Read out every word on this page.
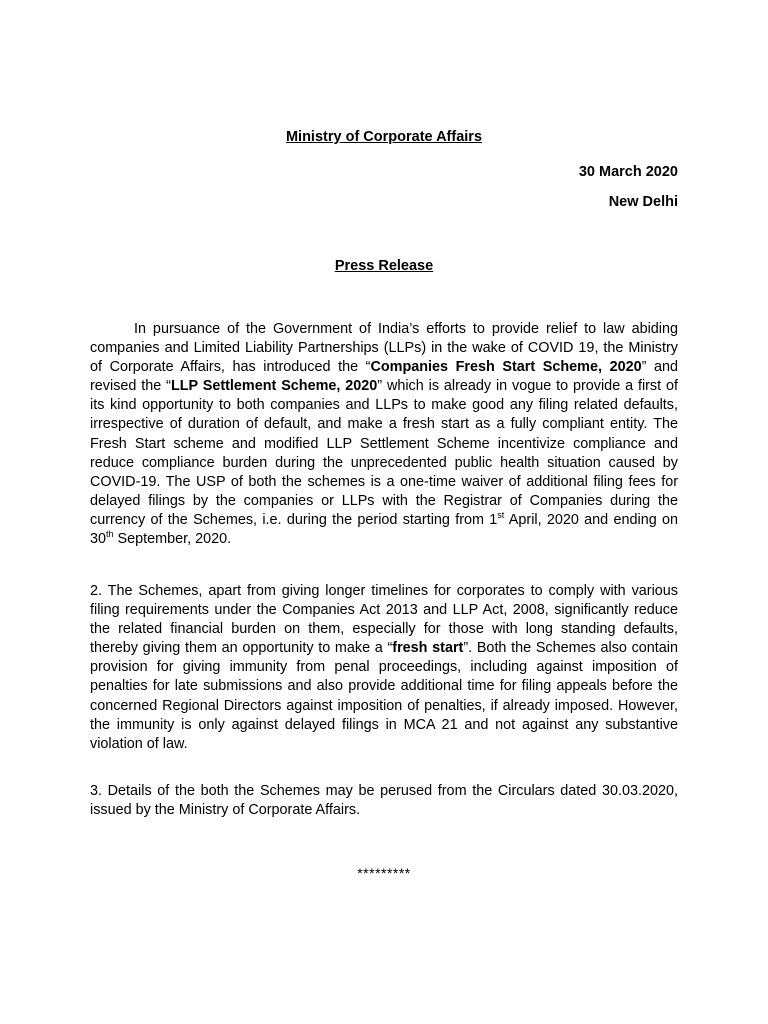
Ministry of Corporate Affairs
30 March 2020
New Delhi
Press Release

In pursuance of the Government of India’s efforts to provide relief to law abiding companies and Limited Liability Partnerships (LLPs) in the wake of COVID 19, the Ministry of Corporate Affairs, has introduced the “Companies Fresh Start Scheme, 2020” and revised the “LLP Settlement Scheme, 2020” which is already in vogue to provide a first of its kind opportunity to both companies and LLPs to make good any filing related defaults, irrespective of duration of default, and make a fresh start as a fully compliant entity. The Fresh Start scheme and modified LLP Settlement Scheme incentivize compliance and reduce compliance burden during the unprecedented public health situation caused by COVID-19. The USP of both the schemes is a one-time waiver of additional filing fees for delayed filings by the companies or LLPs with the Registrar of Companies during the currency of the Schemes, i.e. during the period starting from 1st April, 2020 and ending on 30th September, 2020.

2. The Schemes, apart from giving longer timelines for corporates to comply with various filing requirements under the Companies Act 2013 and LLP Act, 2008, significantly reduce the related financial burden on them, especially for those with long standing defaults, thereby giving them an opportunity to make a “fresh start”. Both the Schemes also contain provision for giving immunity from penal proceedings, including against imposition of penalties for late submissions and also provide additional time for filing appeals before the concerned Regional Directors against imposition of penalties, if already imposed. However, the immunity is only against delayed filings in MCA 21 and not against any substantive violation of law.

3. Details of the both the Schemes may be perused from the Circulars dated 30.03.2020, issued by the Ministry of Corporate Affairs.

*********
